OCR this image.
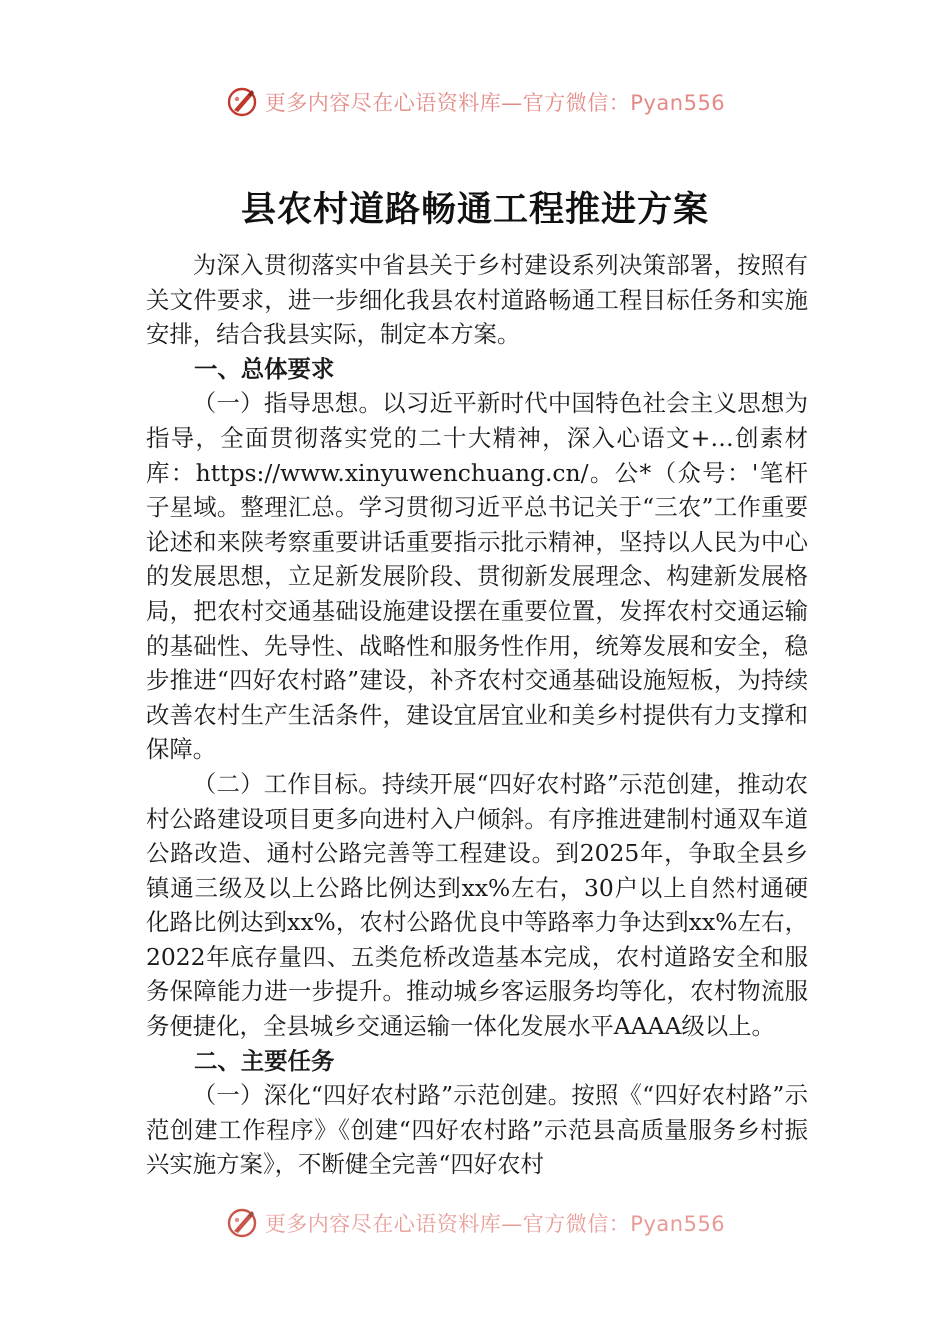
更多内容尽在心语资料库—官方微信：Pyan556
县农村道路畅通工程推进方案

为深入贯彻落实中省县关于乡村建设系列决策部署，按照有关文件要求，进一步细化我县农村道路畅通工程目标任务和实施安排，结合我县实际，制定本方案。

一、总体要求

（一）指导思想。以习近平新时代中国特色社会主义思想为指导，全面贯彻落实党的二十大精神，深入心语文+…创素材库：https://www.xinyuwenchuang.cn/。公*（众号：'笔杆子星域。整理汇总。学习贯彻习近平总书记关于“三农”工作重要论述和来陕考察重要讲话重要指示批示精神，坚持以人民为中心的发展思想，立足新发展阶段、贯彻新发展理念、构建新发展格局，把农村交通基础设施建设摆在重要位置，发挥农村交通运输的基础性、先导性、战略性和服务性作用，统筹发展和安全，稳步推进“四好农村路”建设，补齐农村交通基础设施短板，为持续改善农村生产生活条件，建设宜居宜业和美乡村提供有力支撑和保障。

（二）工作目标。持续开展“四好农村路”示范创建，推动农村公路建设项目更多向进村入户倾斜。有序推进建制村通双车道公路改造、通村公路完善等工程建设。到2025年，争取全县乡镇通三级及以上公路比例达到xx%左右，30户以上自然村通硬化路比例达到xx%，农村公路优良中等路率力争达到xx%左右，2022年底存量四、五类危桥改造基本完成，农村道路安全和服务保障能力进一步提升。推动城乡客运服务均等化，农村物流服务便捷化，全县城乡交通运输一体化发展水平AAAA级以上。

二、主要任务

（一）深化“四好农村路”示范创建。按照《“四好农村路”示范创建工作程序》《创建“四好农村路”示范县高质量服务乡村振兴实施方案》，不断健全完善“四好农村

更多内容尽在心语资料库—官方微信：Pyan556
